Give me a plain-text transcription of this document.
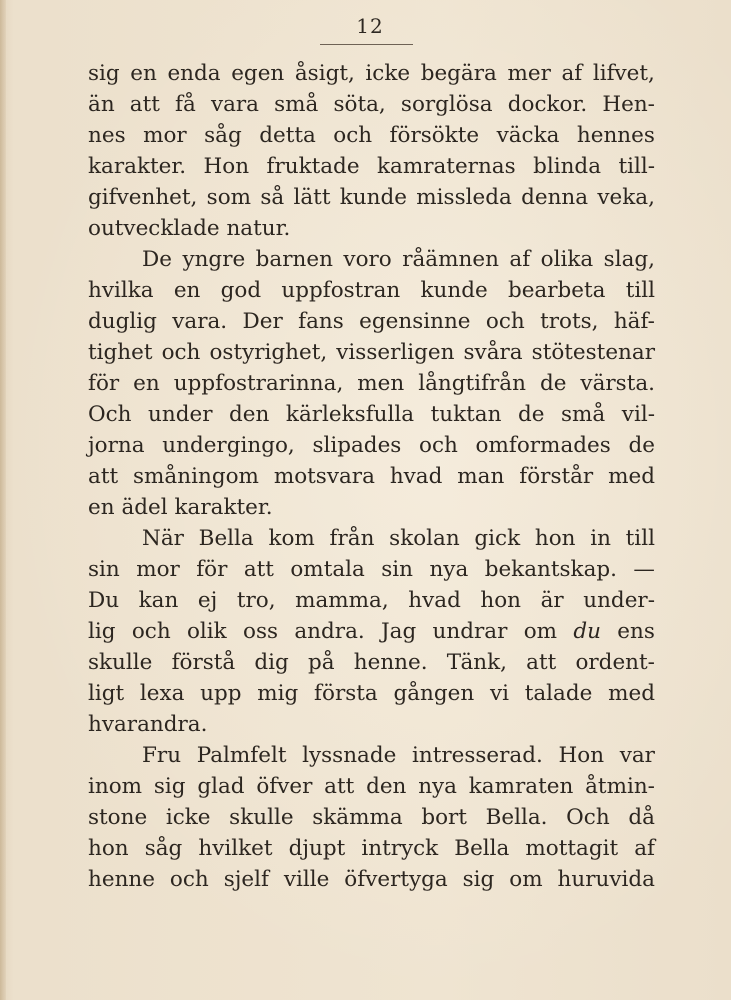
12
sig en enda egen åsigt, icke begära mer af lifvet,
än att få vara små söta, sorglösa dockor. Hen-
nes mor såg detta och försökte väcka hennes
karakter. Hon fruktade kamraternas blinda till-
gifvenhet, som så lätt kunde missleda denna veka,
outvecklade natur.
De yngre barnen voro råämnen af olika slag,
hvilka en god uppfostran kunde bearbeta till
duglig vara. Der fans egensinne och trots, häf-
tighet och ostyrighet, visserligen svåra stötestenar
för en uppfostrarinna, men långtifrån de värsta.
Och under den kärleksfulla tuktan de små vil-
jorna undergingo, slipades och omformades de
att småningom motsvara hvad man förstår med
en ädel karakter.
När Bella kom från skolan gick hon in till
sin mor för att omtala sin nya bekantskap. —
Du kan ej tro, mamma, hvad hon är under-
lig och olik oss andra. Jag undrar om du ens
skulle förstå dig på henne. Tänk, att ordent-
ligt lexa upp mig första gången vi talade med
hvarandra.
Fru Palmfelt lyssnade intresserad. Hon var
inom sig glad öfver att den nya kamraten åtmin-
stone icke skulle skämma bort Bella. Och då
hon såg hvilket djupt intryck Bella mottagit af
henne och sjelf ville öfvertyga sig om huruvida
